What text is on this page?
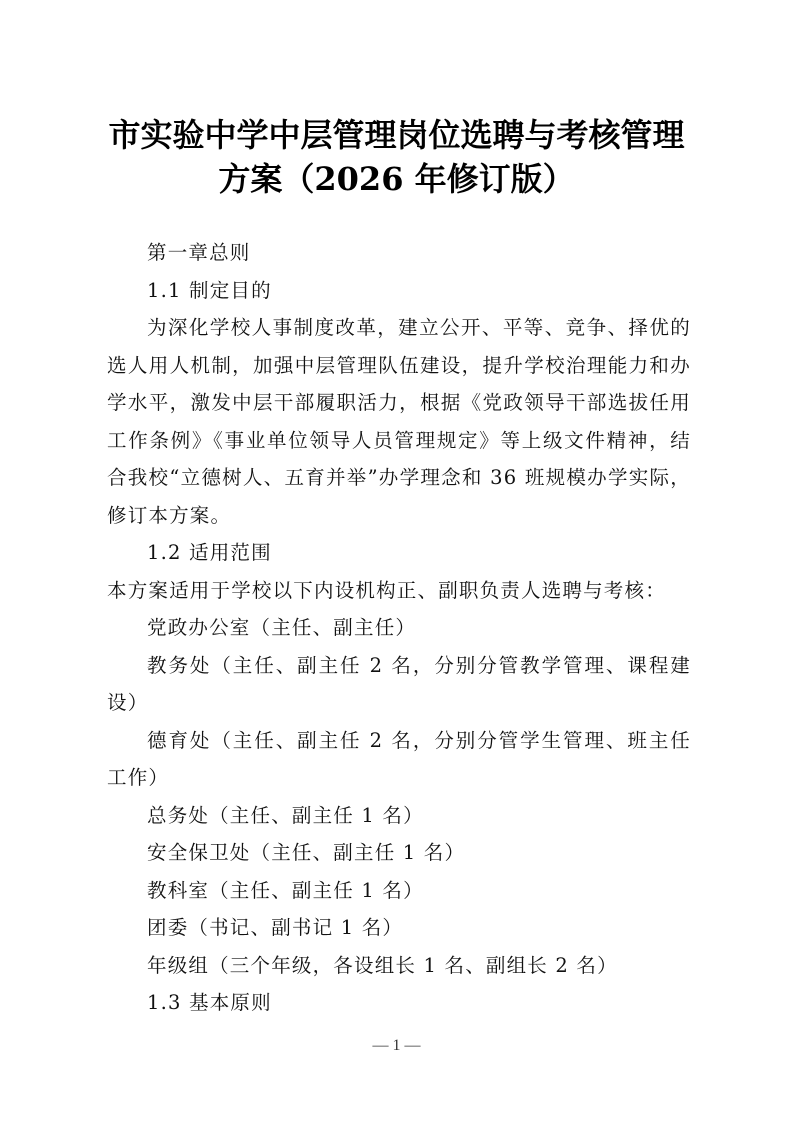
市实验中学中层管理岗位选聘与考核管理
方案（2026 年修订版）

第一章总则

1.1 制定目的

为深化学校人事制度改革，建立公开、平等、竞争、择优的选人用人机制，加强中层管理队伍建设，提升学校治理能力和办学水平，激发中层干部履职活力，根据《党政领导干部选拔任用工作条例》《事业单位领导人员管理规定》等上级文件精神，结合我校“立德树人、五育并举”办学理念和 36 班规模办学实际，修订本方案。

1.2 适用范围

本方案适用于学校以下内设机构正、副职负责人选聘与考核：

党政办公室（主任、副主任）

教务处（主任、副主任 2 名，分别分管教学管理、课程建设）

德育处（主任、副主任 2 名，分别分管学生管理、班主任工作）

总务处（主任、副主任 1 名）

安全保卫处（主任、副主任 1 名）

教科室（主任、副主任 1 名）

团委（书记、副书记 1 名）

年级组（三个年级，各设组长 1 名、副组长 2 名）

1.3 基本原则

— 1 —
